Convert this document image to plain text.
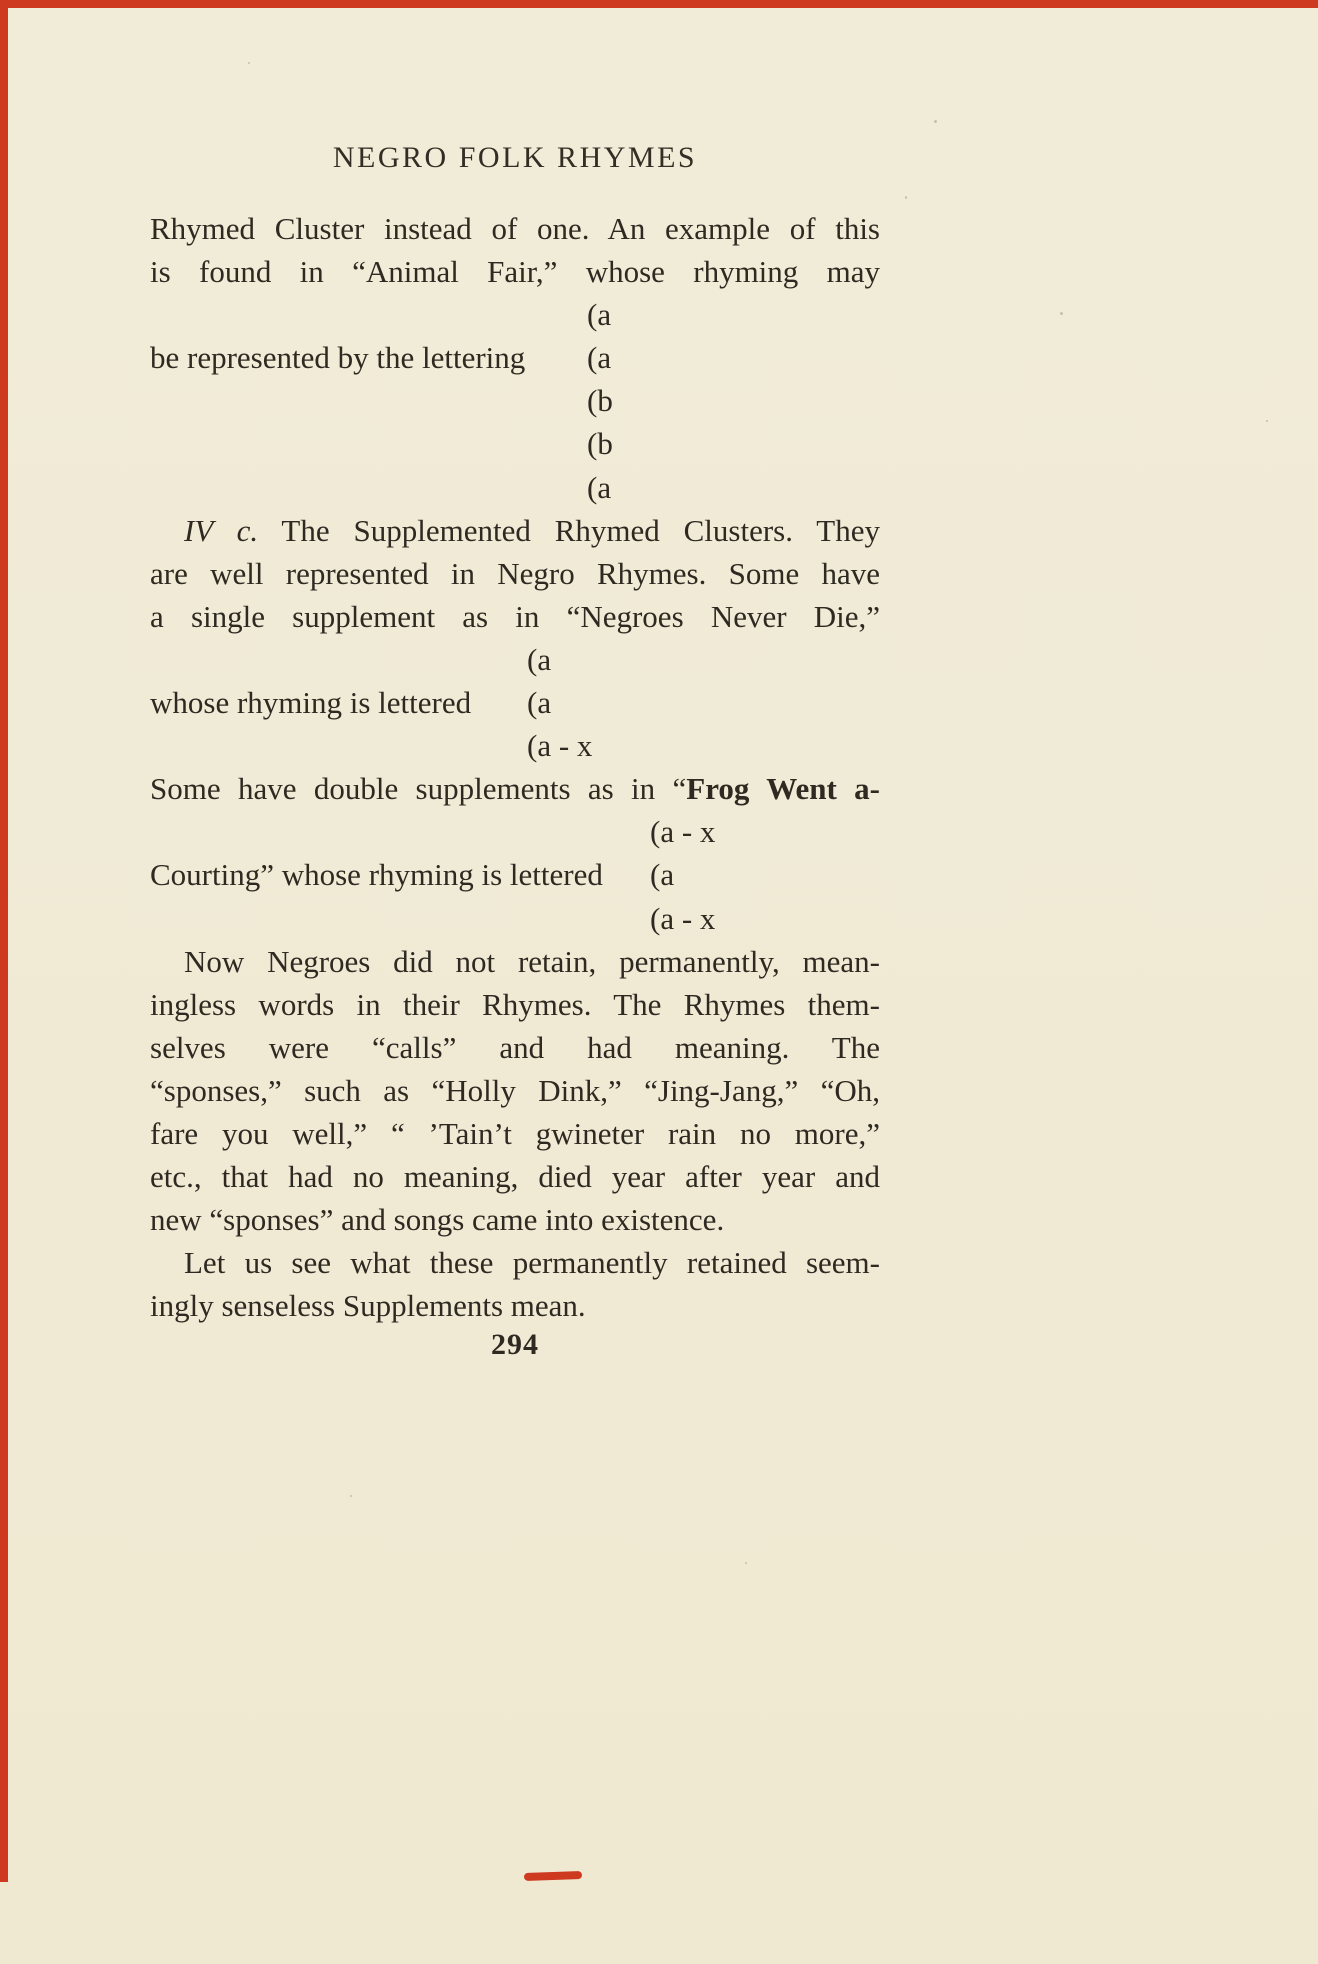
NEGRO FOLK RHYMES
Rhymed Cluster instead of one. An example of this
is found in “Animal Fair,” whose rhyming may
(a
be represented by the lettering (a
(b
(b
(a
IV c. The Supplemented Rhymed Clusters. They
are well represented in Negro Rhymes. Some have
a single supplement as in “Negroes Never Die,”
(a
whose rhyming is lettered (a
(a - x
Some have double supplements as in “Frog Went a-
(a - x
Courting” whose rhyming is lettered (a
(a - x
Now Negroes did not retain, permanently, mean-
ingless words in their Rhymes. The Rhymes them-
selves were “calls” and had meaning. The
“sponses,” such as “Holly Dink,” “Jing-Jang,” “Oh,
fare you well,” “ ’Tain’t gwineter rain no more,”
etc., that had no meaning, died year after year and
new “sponses” and songs came into existence.
Let us see what these permanently retained seem-
ingly senseless Supplements mean.
294
